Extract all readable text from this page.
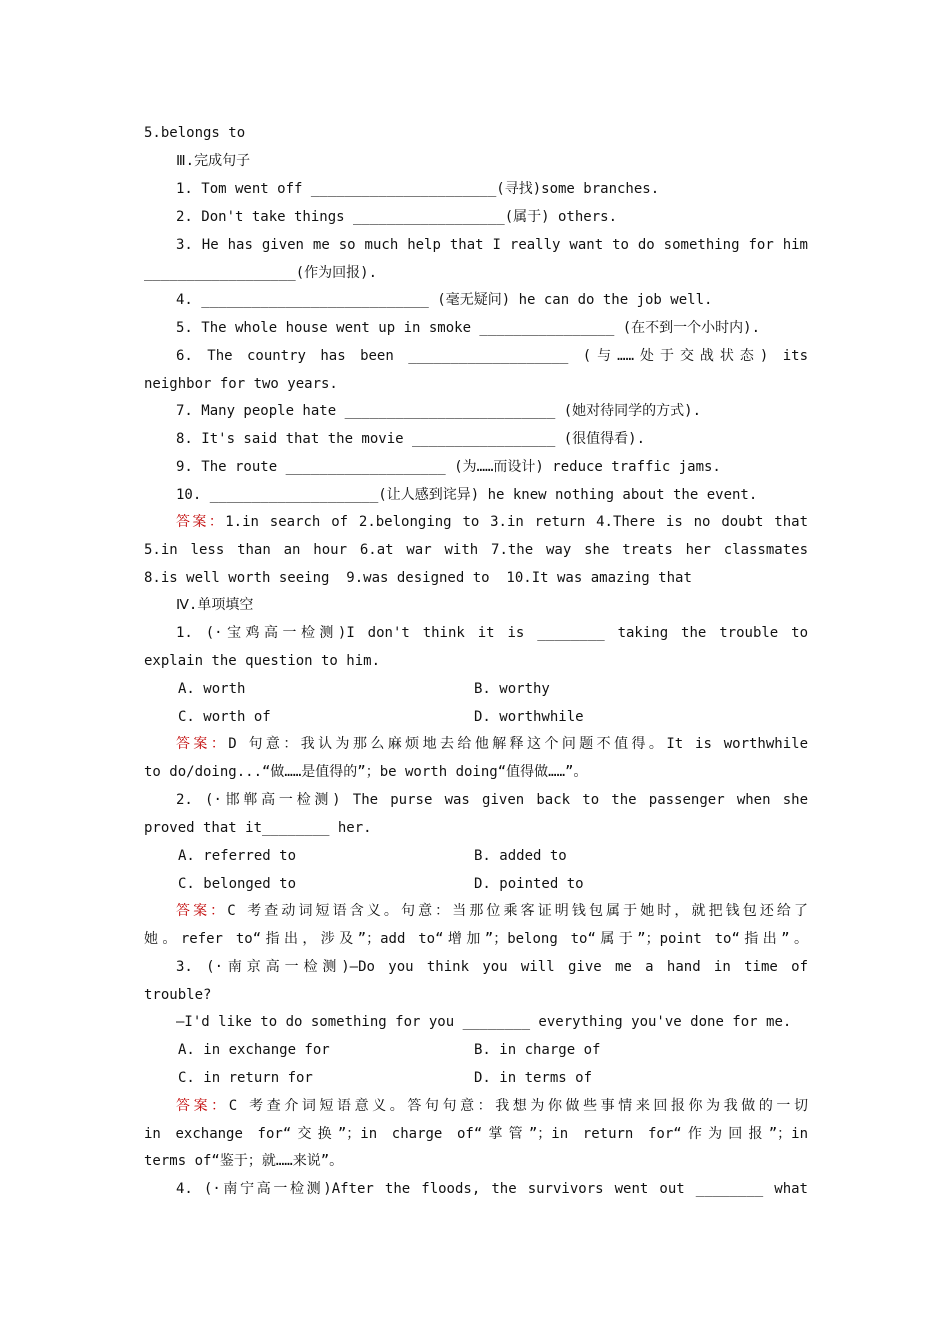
5.belongs to
Ⅲ.完成句子
1. Tom went off ______________________(寻找)some branches.
2. Don't take things __________________(属于) others.
3. He has given me so much help that I really want to do something for him
__________________(作为回报).
4. ___________________________ (毫无疑问) he can do the job well.
5. The whole house went up in smoke ________________ (在不到一个小时内).
6. The country has been ___________________ (与……处于交战状态) its
neighbor for two years.
7. Many people hate _________________________ (她对待同学的方式).
8. It's said that the movie _________________ (很值得看).
9. The route ___________________ (为……而设计) reduce traffic jams.
10. ____________________(让人感到诧异) he knew nothing about the event.
答案：1.in search of 2.belonging to 3.in return 4.There is no doubt that
5.in less than an hour 6.at war with 7.the way she treats her classmates
8.is well worth seeing  9.was designed to  10.It was amazing that
Ⅳ.单项填空
1. (·宝鸡高一检测)I don't think it is ________ taking the trouble to
explain the question to him.
A. worth	B. worthy
C. worth of	D. worthwhile
答案：D 句意：我认为那么麻烦地去给他解释这个问题不值得。It is worthwhile
to do/doing...“做……是值得的”；be worth doing“值得做……”。
2. (·邯郸高一检测) The purse was given back to the passenger when she
proved that it________ her.
A. referred to	B. added to
C. belonged to	D. pointed to
答案：C 考查动词短语含义。句意：当那位乘客证明钱包属于她时，就把钱包还给了
她。refer to“指出，涉及”；add to“增加”；belong to“属于”；point to“指出”。
3. (·南京高一检测)—Do you think you will give me a hand in time of
trouble?
—I'd like to do something for you ________ everything you've done for me.
A. in exchange for	B. in charge of
C. in return for	D. in terms of
答案：C 考查介词短语意义。答句句意：我想为你做些事情来回报你为我做的一切
in exchange for“交换”；in charge of“掌管”；in return for“作为回报”；in
terms of“鉴于；就……来说”。
4. (·南宁高一检测)After the floods, the survivors went out ________ what
